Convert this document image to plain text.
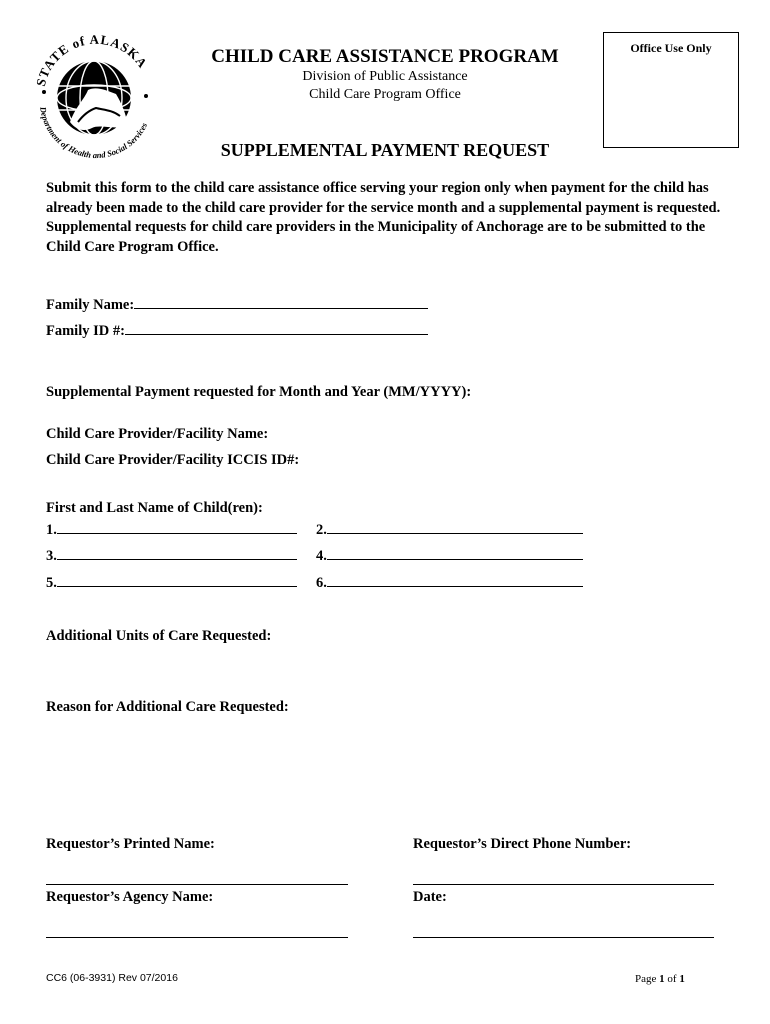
STATE of ALASKA
Department of Health and Social Services
CHILD CARE ASSISTANCE PROGRAM
Division of Public Assistance
Child Care Program Office
SUPPLEMENTAL PAYMENT REQUEST
Office Use Only
Submit this form to the child care assistance office serving your region only when payment for the child has already been made to the child care provider for the service month and a supplemental payment is requested. Supplemental requests for child care providers in the Municipality of Anchorage are to be submitted to the Child Care Program Office.
Family Name:
Family ID #:
Supplemental Payment requested for Month and Year (MM/YYYY):
Child Care Provider/Facility Name:
Child Care Provider/Facility ICCIS ID#:
First and Last Name of Child(ren):
1.	2.
3.	4.
5.	6.
Additional Units of Care Requested:
Reason for Additional Care Requested:
Requestor’s Printed Name:	Requestor’s Direct Phone Number:
Requestor’s Agency Name:	Date:
CC6 (06-3931) Rev 07/2016	Page 1 of 1
